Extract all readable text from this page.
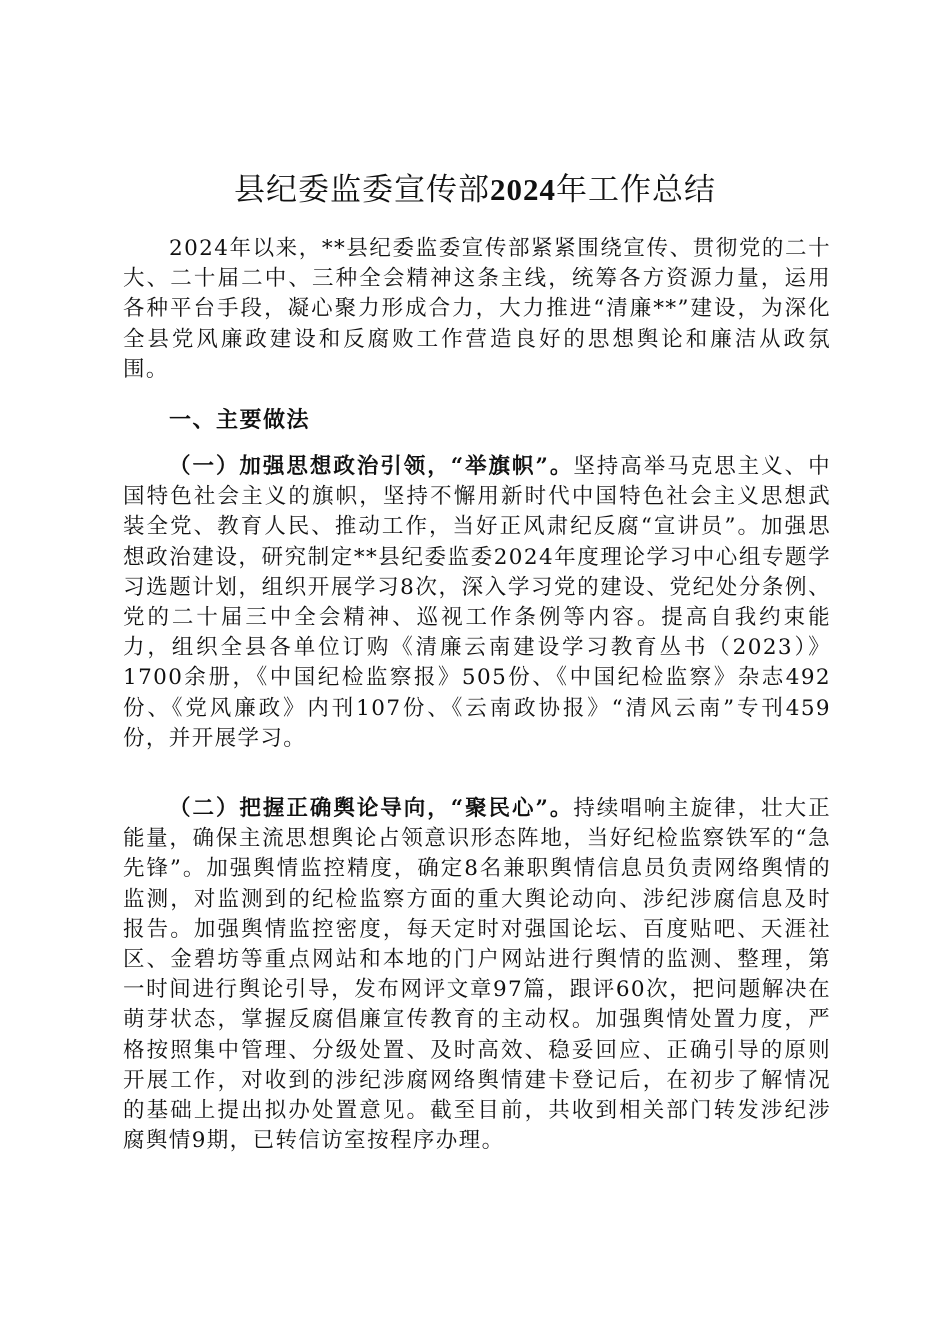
县纪委监委宣传部2024年工作总结

2024年以来，**县纪委监委宣传部紧紧围绕宣传、贯彻党的二十大、二十届二中、三种全会精神这条主线，统筹各方资源力量，运用各种平台手段，凝心聚力形成合力，大力推进“清廉**”建设，为深化全县党风廉政建设和反腐败工作营造良好的思想舆论和廉洁从政氛围。

一、主要做法

（一）加强思想政治引领，“举旗帜”。坚持高举马克思主义、中国特色社会主义的旗帜，坚持不懈用新时代中国特色社会主义思想武装全党、教育人民、推动工作，当好正风肃纪反腐“宣讲员”。加强思想政治建设，研究制定**县纪委监委2024年度理论学习中心组专题学习选题计划，组织开展学习8次，深入学习党的建设、党纪处分条例、党的二十届三中全会精神、巡视工作条例等内容。提高自我约束能力，组织全县各单位订购《清廉云南建设学习教育丛书（2023）》1700余册，《中国纪检监察报》505份、《中国纪检监察》杂志492份、《党风廉政》内刊107份、《云南政协报》“清风云南”专刊459份，并开展学习。

（二）把握正确舆论导向，“聚民心”。持续唱响主旋律，壮大正能量，确保主流思想舆论占领意识形态阵地，当好纪检监察铁军的“急先锋”。加强舆情监控精度，确定8名兼职舆情信息员负责网络舆情的监测，对监测到的纪检监察方面的重大舆论动向、涉纪涉腐信息及时报告。加强舆情监控密度，每天定时对强国论坛、百度贴吧、天涯社区、金碧坊等重点网站和本地的门户网站进行舆情的监测、整理，第一时间进行舆论引导，发布网评文章97篇，跟评60次，把问题解决在萌芽状态，掌握反腐倡廉宣传教育的主动权。加强舆情处置力度，严格按照集中管理、分级处置、及时高效、稳妥回应、正确引导的原则开展工作，对收到的涉纪涉腐网络舆情建卡登记后，在初步了解情况的基础上提出拟办处置意见。截至目前，共收到相关部门转发涉纪涉腐舆情9期，已转信访室按程序办理。
